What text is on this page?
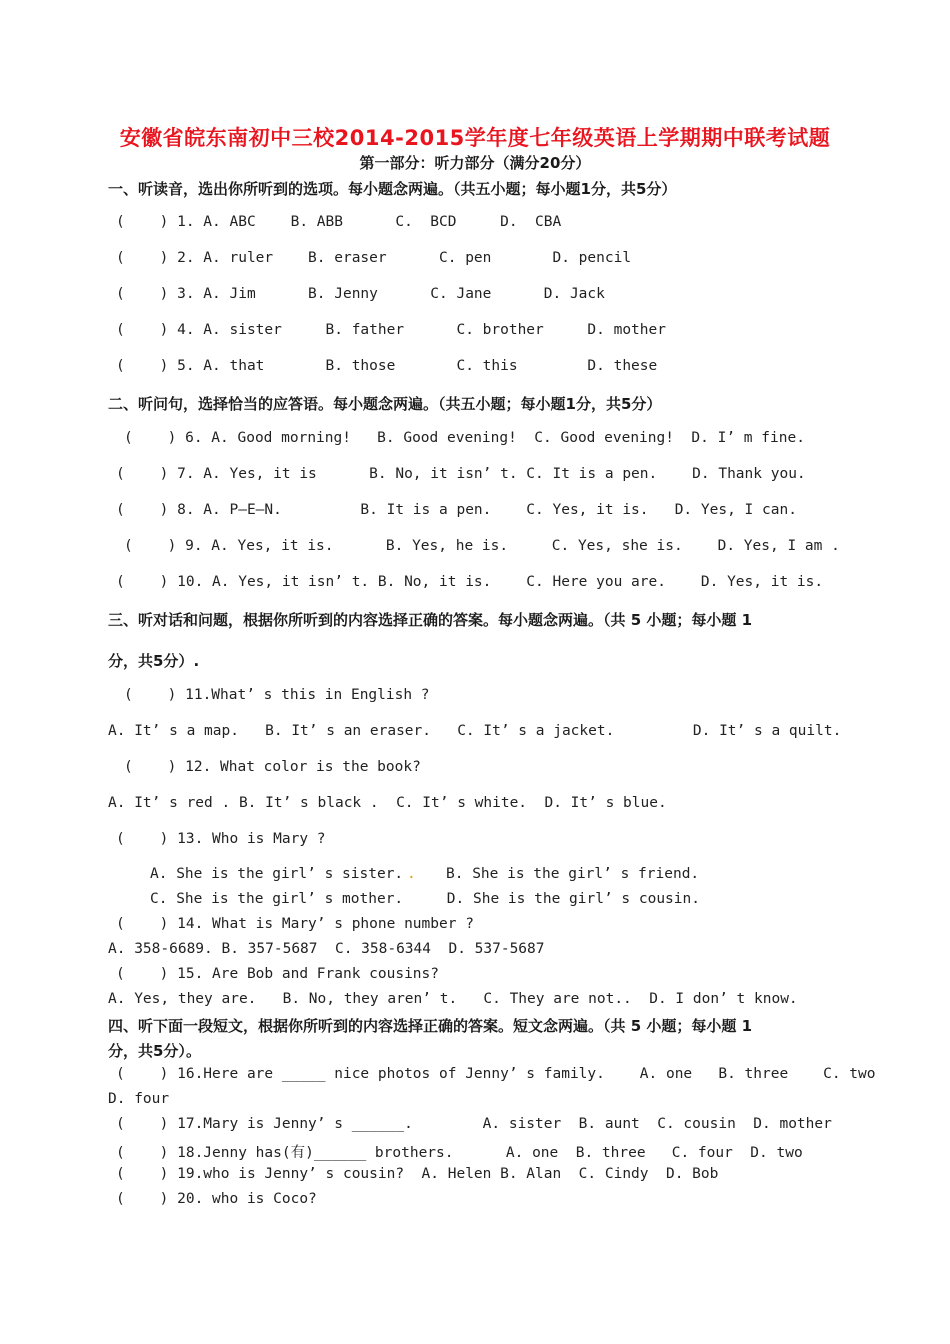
安徽省皖东南初中三校2014-2015学年度七年级英语上学期期中联考试题
第一部分：听力部分（满分20分）
一、听读音，选出你所听到的选项。每小题念两遍。（共五小题；每小题1分，共5分）
(    ) 1. A. ABC    B. ABB      C.  BCD     D.  CBA
(    ) 2. A. ruler    B. eraser      C. pen       D. pencil
(    ) 3. A. Jim      B. Jenny      C. Jane      D. Jack
(    ) 4. A. sister     B. father      C. brother     D. mother
(    ) 5. A. that       B. those       C. this        D. these
二、听问句，选择恰当的应答语。每小题念两遍。（共五小题；每小题1分，共5分）
(    ) 6. A. Good morning!   B. Good evening!  C. Good evening!  D. I’ m fine.
(    ) 7. A. Yes, it is      B. No, it isn’ t. C. It is a pen.    D. Thank you.
(    ) 8. A. P—E—N.         B. It is a pen.    C. Yes, it is.   D. Yes, I can.
(    ) 9. A. Yes, it is.      B. Yes, he is.     C. Yes, she is.    D. Yes, I am .
(    ) 10. A. Yes, it isn’ t. B. No, it is.    C. Here you are.    D. Yes, it is.
三、听对话和问题，根据你所听到的内容选择正确的答案。每小题念两遍。（共 5 小题；每小题 1
分，共5分）.
(    ) 11.What’ s this in English ?
A. It’ s a map.   B. It’ s an eraser.   C. It’ s a jacket.         D. It’ s a quilt.
(    ) 12. What color is the book?
A. It’ s red . B. It’ s black .  C. It’ s white.  D. It’ s blue.
(    ) 13. Who is Mary ?
A. She is the girl’ s sister. . B. She is the girl’ s friend.
C. She is the girl’ s mother.     D. She is the girl’ s cousin.
(    ) 14. What is Mary’ s phone number ?
A. 358-6689. B. 357-5687  C. 358-6344  D. 537-5687
(    ) 15. Are Bob and Frank cousins?
A. Yes, they are.   B. No, they aren’ t.   C. They are not..  D. I don’ t know.
四、听下面一段短文，根据你所听到的内容选择正确的答案。短文念两遍。（共 5 小题；每小题 1
分，共5分）。
(    ) 16.Here are _____ nice photos of Jenny’ s family.    A. one   B. three    C. two
D. four
(    ) 17.Mary is Jenny’ s ______.        A. sister  B. aunt  C. cousin  D. mother
(    ) 18.Jenny has(有)______ brothers.      A. one  B. three   C. four  D. two
(    ) 19.who is Jenny’ s cousin?  A. Helen B. Alan  C. Cindy  D. Bob
(    ) 20. who is Coco?
